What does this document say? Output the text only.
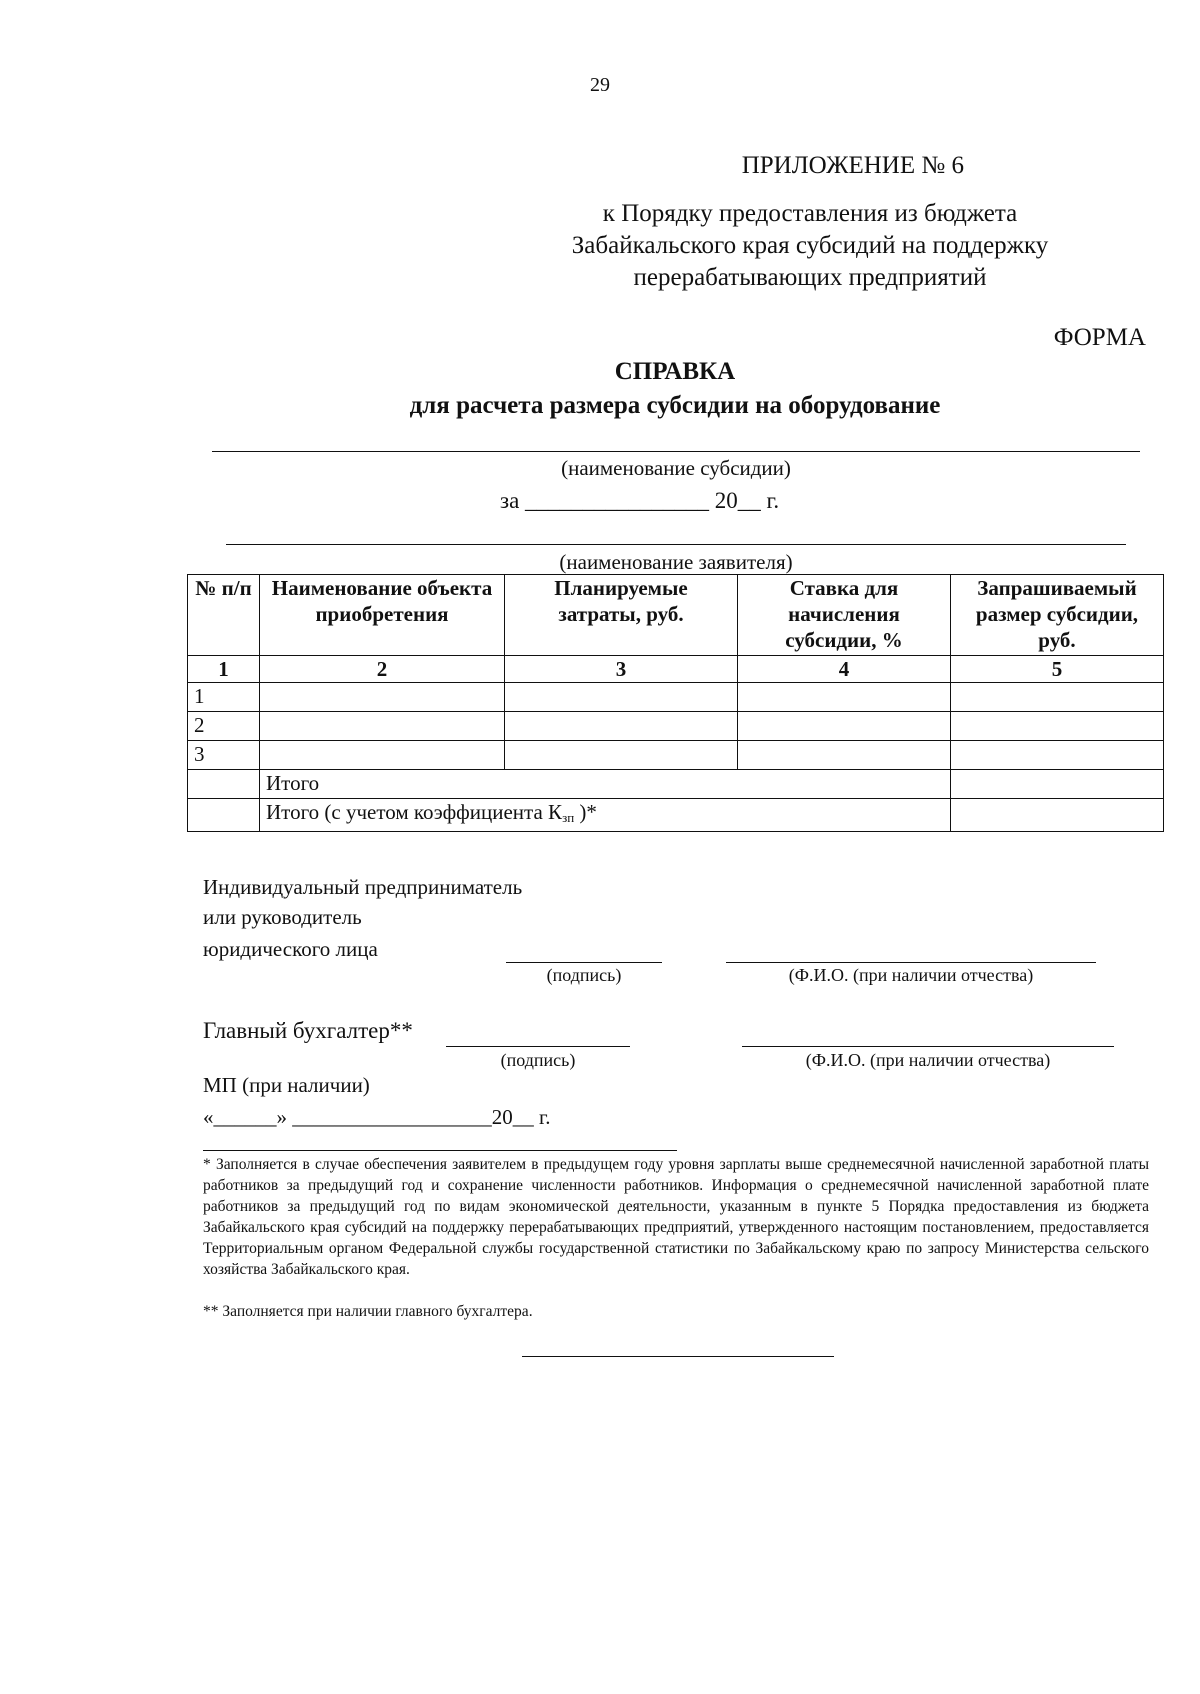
29
ПРИЛОЖЕНИЕ № 6
к Порядку предоставления из бюджета
Забайкальского края субсидий на поддержку
перерабатывающих предприятий
ФОРМА
СПРАВКА
для расчета размера субсидии на оборудование
(наименование субсидии)
за ________________ 20__ г.
(наименование заявителя)
№ п/п	Наименование объекта приобретения	Планируемые затраты, руб.	Ставка для начисления субсидии, %	Запрашиваемый размер субсидии, руб.
1	2	3	4	5
1				
2				
3				
	Итого			
	Итого (с учетом коэффициента $К_{зп}$ )*			
Индивидуальный предприниматель
или руководитель
юридического лица
(подпись)	(Ф.И.О. (при наличии отчества)
Главный бухгалтер**
(подпись)	(Ф.И.О. (при наличии отчества)
МП (при наличии)
«______» ___________________20__ г.
* Заполняется в случае обеспечения заявителем в предыдущем году уровня зарплаты выше среднемесячной начисленной заработной платы работников за предыдущий год и сохранение численности работников. Информация о среднемесячной начисленной заработной плате работников за предыдущий год по видам экономической деятельности, указанным в пункте 5 Порядка предоставления из бюджета Забайкальского края субсидий на поддержку перерабатывающих предприятий, утвержденного настоящим постановлением, предоставляется Территориальным органом Федеральной службы государственной статистики по Забайкальскому краю по запросу Министерства сельского хозяйства Забайкальского края.
** Заполняется при наличии главного бухгалтера.
